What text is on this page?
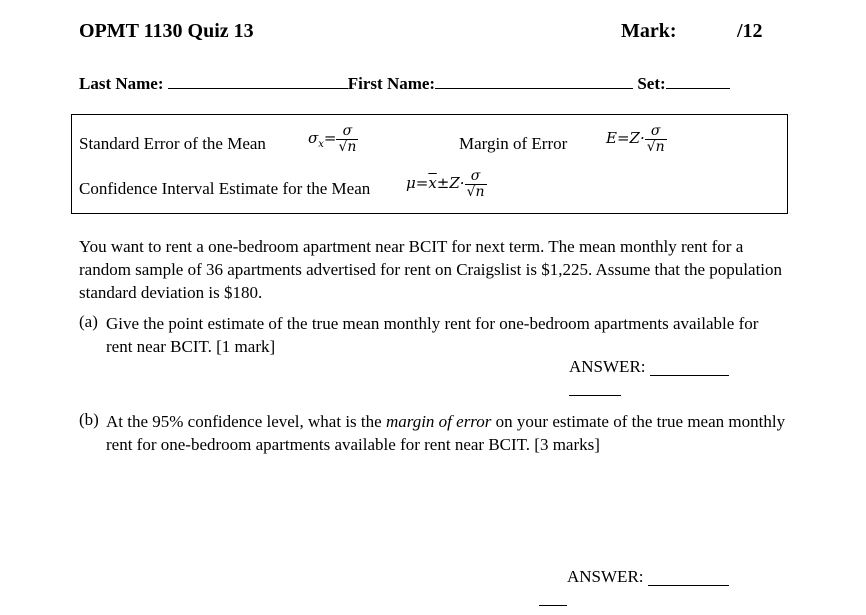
OPMT 1130 Quiz 13	Mark:	/12
Last Name:	First Name:	Set:
Standard Error of the Mean	$\sigma_x= \frac{\sigma}{√n}$	Margin of Error	$E=Z\cdot \frac{\sigma}{√n}$
Confidence Interval Estimate for the Mean $\mu=\overline{x}\pm Z\cdot \frac{\sigma}{√n}$
You want to rent a one-bedroom apartment near BCIT for next term. The mean monthly rent for a random sample of 36 apartments advertised for rent on Craigslist is $1,225. Assume that the population standard deviation is $180.
(a) Give the point estimate of the true mean monthly rent for one-bedroom apartments available for rent near BCIT. [1 mark]
ANSWER:
(b) At the 95% confidence level, what is the margin of error on your estimate of the true mean monthly rent for one-bedroom apartments available for rent near BCIT. [3 marks]
ANSWER:
